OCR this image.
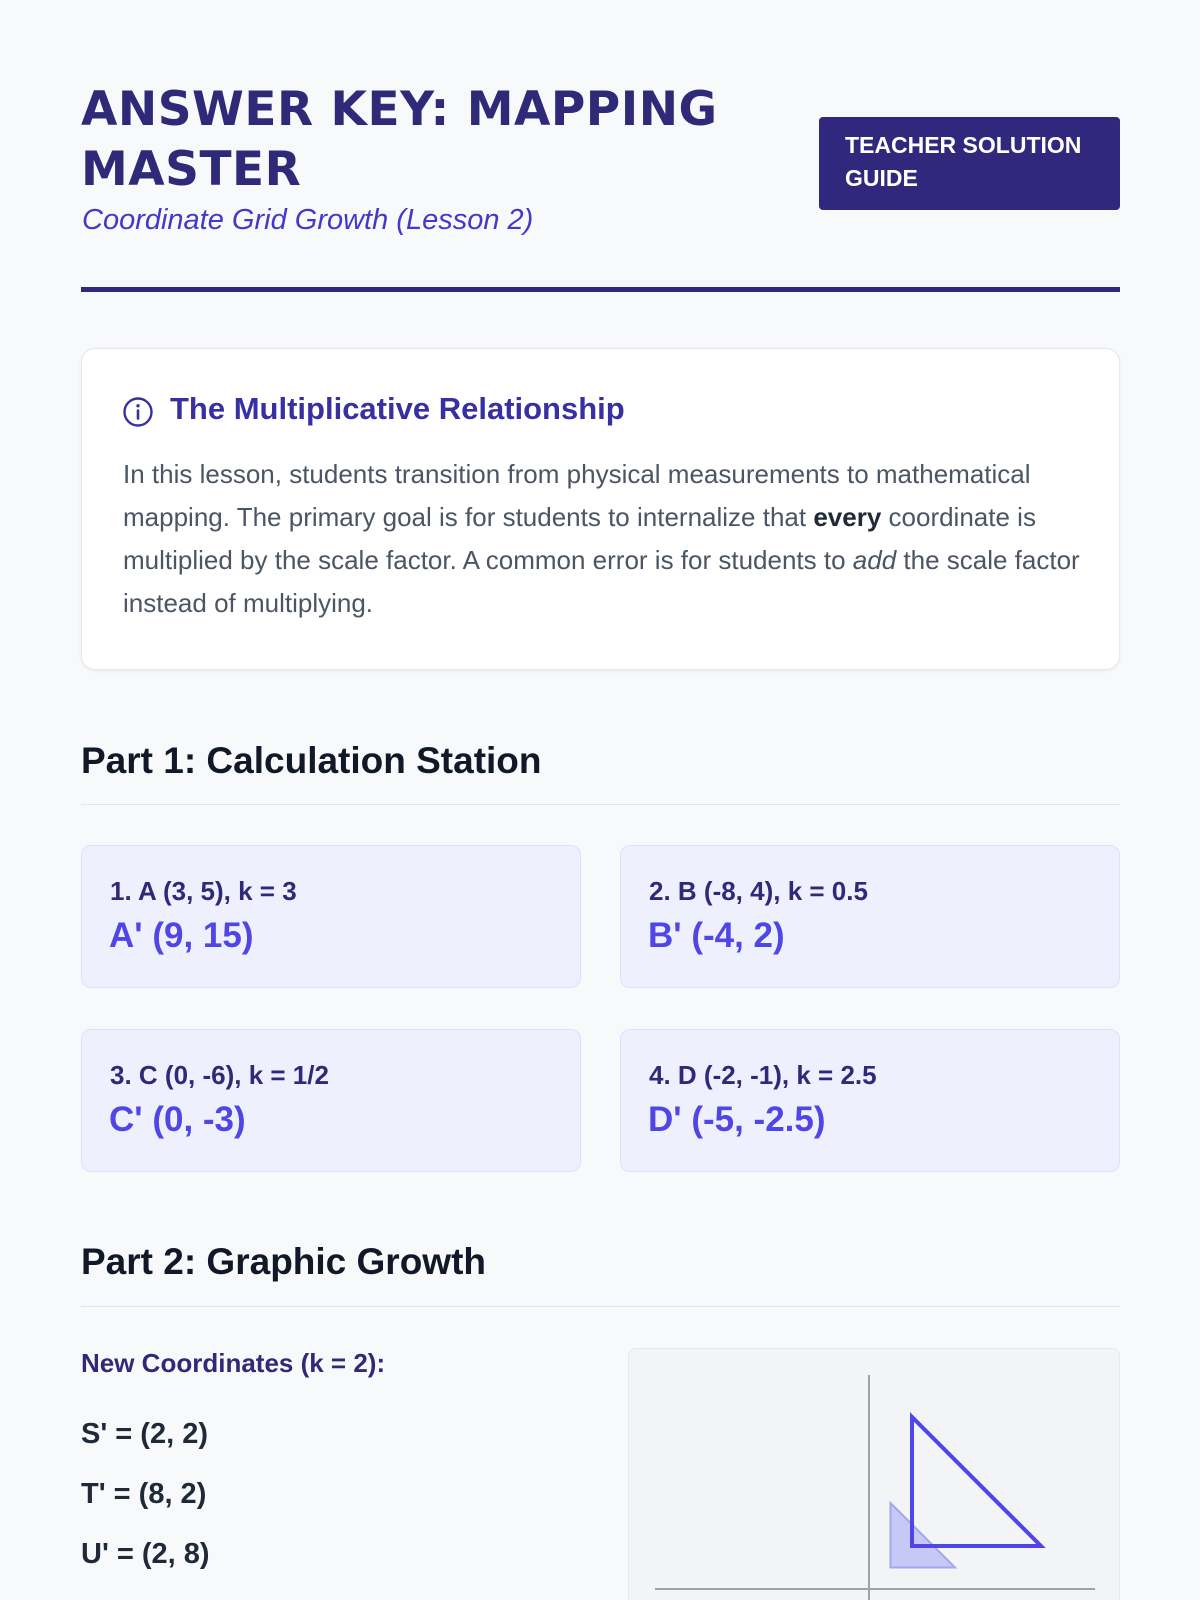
ANSWER KEY: MAPPING MASTER
Coordinate Grid Growth (Lesson 2)
TEACHER SOLUTION GUIDE
The Multiplicative Relationship
In this lesson, students transition from physical measurements to mathematical mapping. The primary goal is for students to internalize that every coordinate is multiplied by the scale factor. A common error is for students to add the scale factor instead of multiplying.
Part 1: Calculation Station
1. A (3, 5), k = 3
A' (9, 15)
2. B (-8, 4), k = 0.5
B' (-4, 2)
3. C (0, -6), k = 1/2
C' (0, -3)
4. D (-2, -1), k = 2.5
D' (-5, -2.5)
Part 2: Graphic Growth
New Coordinates (k = 2):
S' = (2, 2)
T' = (8, 2)
U' = (2, 8)
